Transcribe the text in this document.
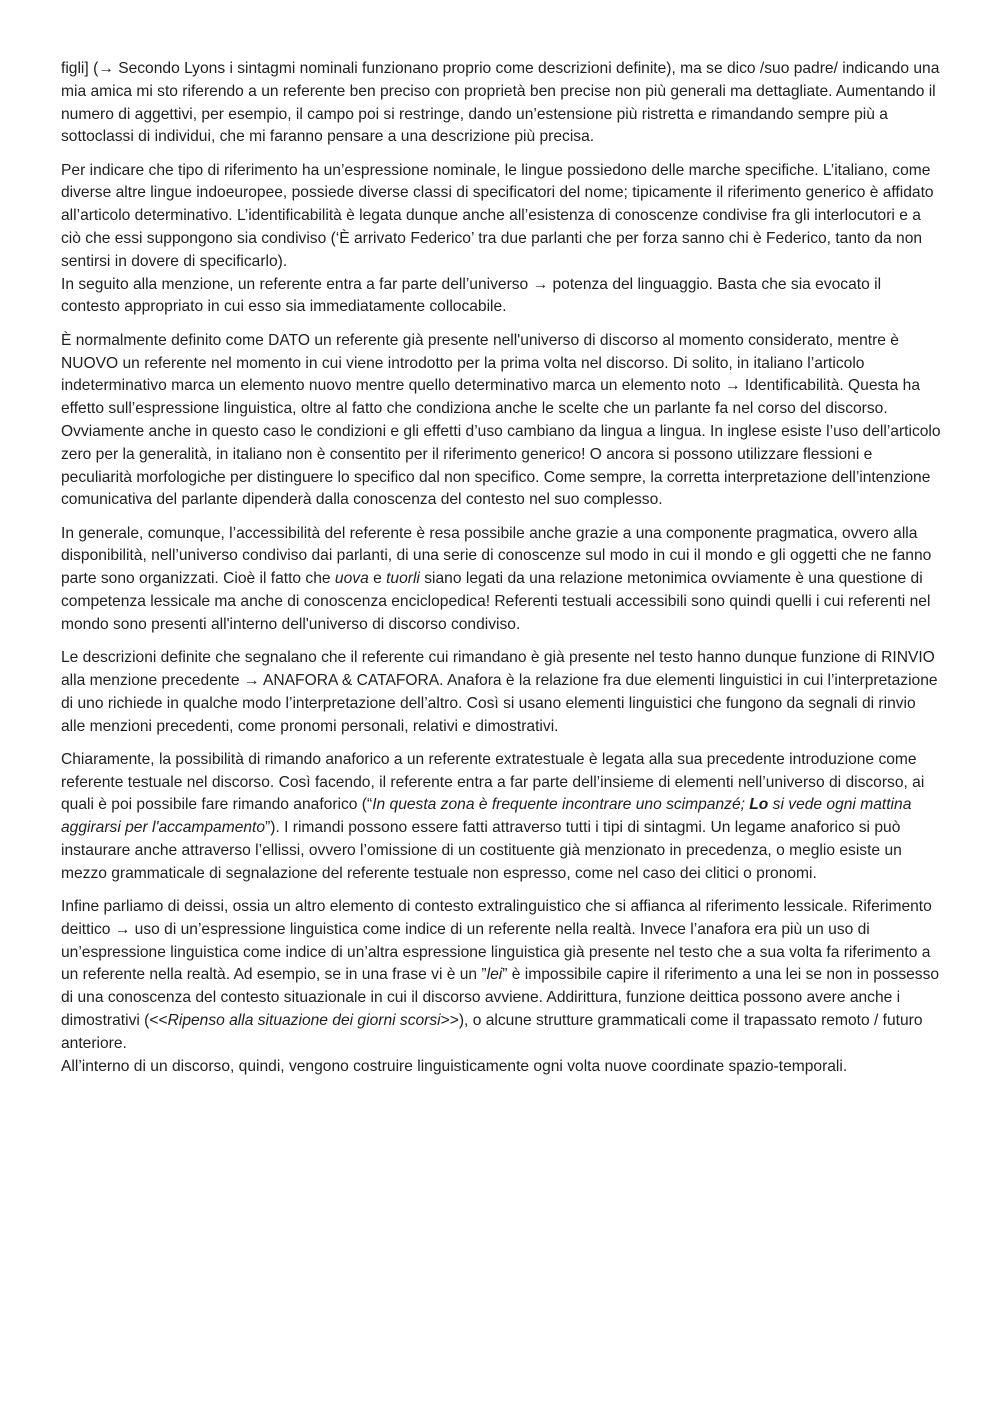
figli] (→ Secondo Lyons i sintagmi nominali funzionano proprio come descrizioni definite), ma se dico /suo padre/ indicando una mia amica mi sto riferendo a un referente ben preciso con proprietà ben precise non più generali ma dettagliate. Aumentando il numero di aggettivi, per esempio, il campo poi si restringe, dando un’estensione più ristretta e rimandando sempre più a sottoclassi di individui, che mi faranno pensare a una descrizione più precisa.

Per indicare che tipo di riferimento ha un’espressione nominale, le lingue possiedono delle marche specifiche. L’italiano, come diverse altre lingue indoeuropee, possiede diverse classi di specificatori del nome; tipicamente il riferimento generico è affidato all’articolo determinativo. L’identificabilità è legata dunque anche all’esistenza di conoscenze condivise fra gli interlocutori e a ciò che essi suppongono sia condiviso (‘È arrivato Federico’ tra due parlanti che per forza sanno chi è Federico, tanto da non sentirsi in dovere di specificarlo).

In seguito alla menzione, un referente entra a far parte dell’universo → potenza del linguaggio. Basta che sia evocato il contesto appropriato in cui esso sia immediatamente collocabile.

È normalmente definito come DATO un referente già presente nell'universo di discorso al momento considerato, mentre è NUOVO un referente nel momento in cui viene introdotto per la prima volta nel discorso. Di solito, in italiano l’articolo indeterminativo marca un elemento nuovo mentre quello determinativo marca un elemento noto → Identificabilità. Questa ha effetto sull’espressione linguistica, oltre al fatto che condiziona anche le scelte che un parlante fa nel corso del discorso. Ovviamente anche in questo caso le condizioni e gli effetti d’uso cambiano da lingua a lingua. In inglese esiste l’uso dell’articolo zero per la generalità, in italiano non è consentito per il riferimento generico! O ancora si possono utilizzare flessioni e peculiarità morfologiche per distinguere lo specifico dal non specifico. Come sempre, la corretta interpretazione dell’intenzione comunicativa del parlante dipenderà dalla conoscenza del contesto nel suo complesso.

In generale, comunque, l’accessibilità del referente è resa possibile anche grazie a una componente pragmatica, ovvero alla disponibilità, nell’universo condiviso dai parlanti, di una serie di conoscenze sul modo in cui il mondo e gli oggetti che ne fanno parte sono organizzati. Cioè il fatto che uova e tuorli siano legati da una relazione metonimica ovviamente è una questione di competenza lessicale ma anche di conoscenza enciclopedica! Referenti testuali accessibili sono quindi quelli i cui referenti nel mondo sono presenti all'interno dell'universo di discorso condiviso.

Le descrizioni definite che segnalano che il referente cui rimandano è già presente nel testo hanno dunque funzione di RINVIO alla menzione precedente → ANAFORA & CATAFORA. Anafora è la relazione fra due elementi linguistici in cui l’interpretazione di uno richiede in qualche modo l’interpretazione dell’altro. Così si usano elementi linguistici che fungono da segnali di rinvio alle menzioni precedenti, come pronomi personali, relativi e dimostrativi.

Chiaramente, la possibilità di rimando anaforico a un referente extratestuale è legata alla sua precedente introduzione come referente testuale nel discorso. Così facendo, il referente entra a far parte dell’insieme di elementi nell’universo di discorso, ai quali è poi possibile fare rimando anaforico (“In questa zona è frequente incontrare uno scimpanzé; Lo si vede ogni mattina aggirarsi per l'accampamento”). I rimandi possono essere fatti attraverso tutti i tipi di sintagmi. Un legame anaforico si può instaurare anche attraverso l’ellissi, ovvero l’omissione di un costituente già menzionato in precedenza, o meglio esiste un mezzo grammaticale di segnalazione del referente testuale non espresso, come nel caso dei clitici o pronomi.

Infine parliamo di deissi, ossia un altro elemento di contesto extralinguistico che si affianca al riferimento lessicale. Riferimento deittico → uso di un’espressione linguistica come indice di un referente nella realtà. Invece l’anafora era più un uso di un’espressione linguistica come indice di un’altra espressione linguistica già presente nel testo che a sua volta fa riferimento a un referente nella realtà. Ad esempio, se in una frase vi è un ”lei” è impossibile capire il riferimento a una lei se non in possesso di una conoscenza del contesto situazionale in cui il discorso avviene. Addirittura, funzione deittica possono avere anche i dimostrativi (<<Ripenso alla situazione dei giorni scorsi>>), o alcune strutture grammaticali come il trapassato remoto / futuro anteriore.

All’interno di un discorso, quindi, vengono costruire linguisticamente ogni volta nuove coordinate spazio-temporali.
